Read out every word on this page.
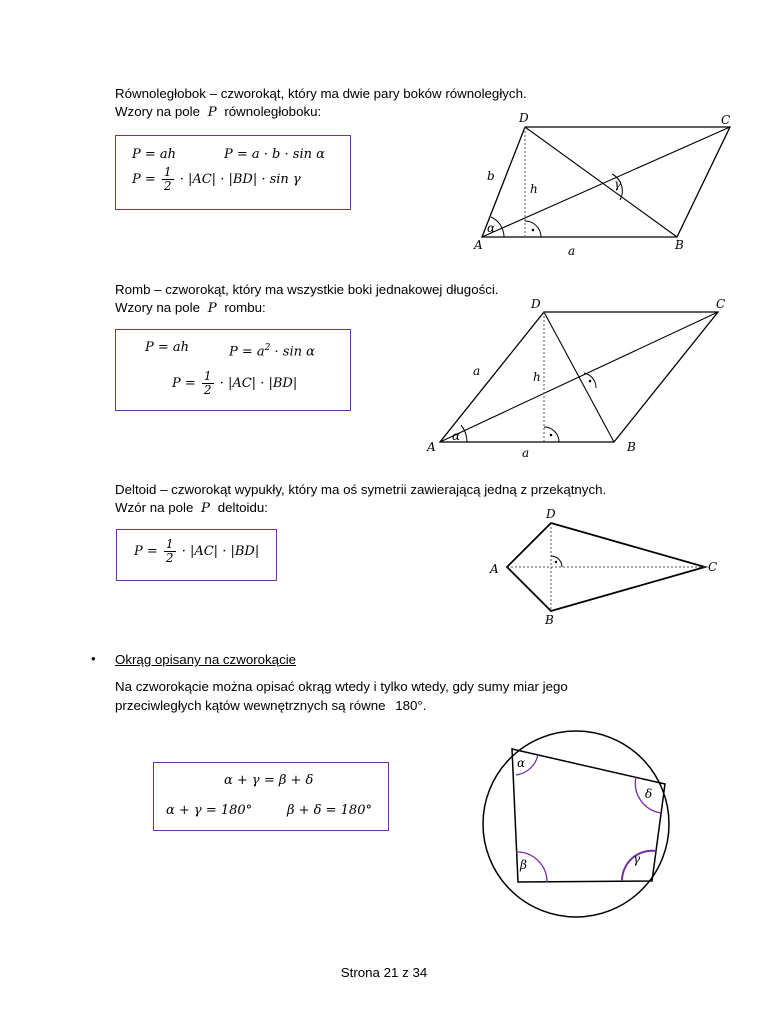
Równoległobok – czworokąt, który ma dwie pary boków równoległych.
Wzory na pole P równoległoboku:
P = ah	P = a · b · sin α
$P = \frac{1}{2} \cdot |AC| \cdot |BD| \cdot \sin \gamma$
A	B
C
D
a
b
h
α
γ
Romb – czworokąt, który ma wszystkie boki jednakowej długości.
Wzory na pole P rombu:
P = ah	$P = a^2 \cdot \sin \alpha$
$P = \frac{1}{2} \cdot |AC| \cdot |BD|$
A	B
C
D
a
a	h
α
Deltoid – czworokąt wypukły, który ma oś symetrii zawierającą jedną z przekątnych.
Wzór na pole P deltoidu:
$P = \frac{1}{2} \cdot |AC| \cdot |BD|$
A
B
C
D
• Okrąg opisany na czworokącie
Na czworokącie można opisać okrąg wtedy i tylko wtedy, gdy sumy miar jego
przeciwległych kątów wewnętrznych są równe 180°.
α + γ = β + δ
α + γ = 180°	β + δ = 180°
α
δ
γ
β
Strona 21 z 34
